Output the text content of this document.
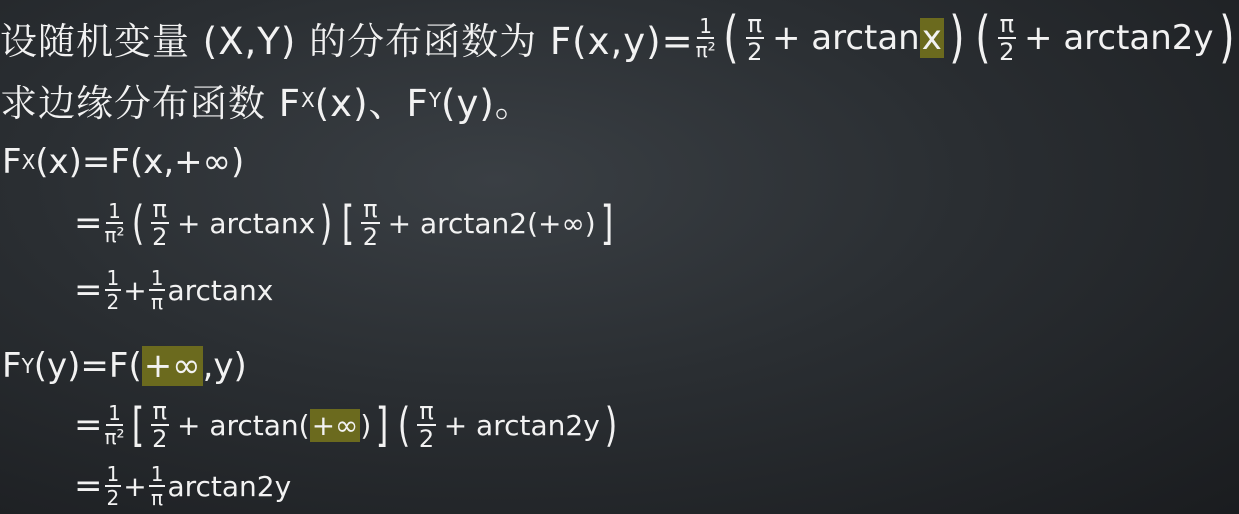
设随机变量 (X,Y) 的分布函数为 $F(x,y)= \frac{1}{\text{π²}}$ ( $\frac{\pi}{2} + \arctan x$ ) ( $\frac{\pi}{2} + \arctan 2y$ )
求边缘分布函数 F X (x)、F Y (y)。
F X (x)=F(x,+∞)
= $\frac{1}{\text{π²}}$ ( $\frac{\pi}{2} + \arctan x$ ) [ $\frac{\pi}{2} + \arctan 2(+\infty)$ ]
= $\frac{1}{2} + \frac{1}{\pi}$ arctanx
F Y (y)=F( +∞ ,y)
= $\frac{1}{\text{π²}}$ [ $\frac{\pi}{2} + \arctan$( +∞ ) ] ( $\frac{\pi}{2} + \arctan 2y$ )
= $\frac{1}{2} + \frac{1}{\pi} \arctan 2y$
